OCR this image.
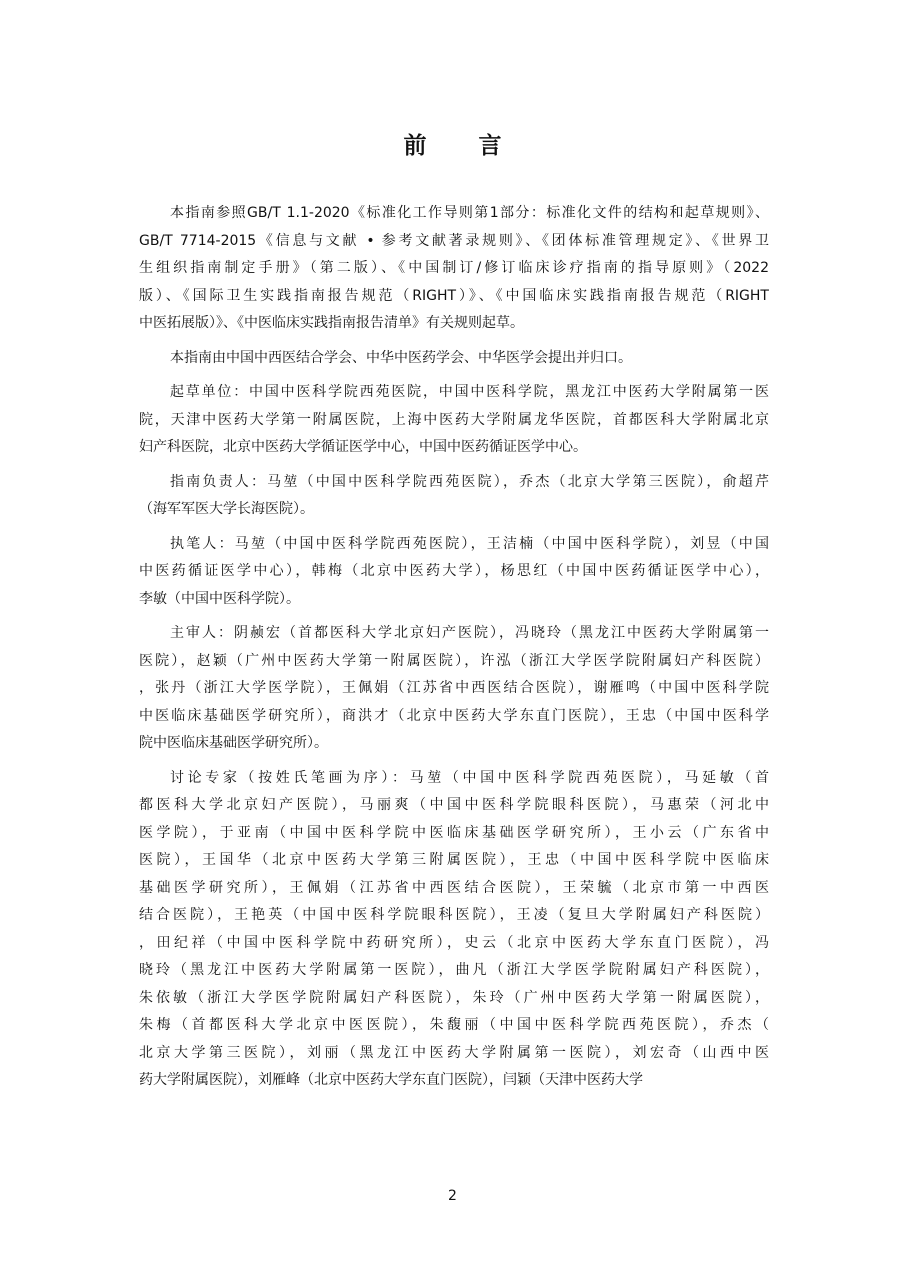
前 言
本指南参照GB/T 1.1-2020《标准化工作导则第1部分：标准化文件的结构和起草规则》、
GB/T 7714-2015《信息与文献 • 参考文献著录规则》、《团体标准管理规定》、《世界卫
生组织指南制定手册》（第二版）、《中国制订/修订临床诊疗指南的指导原则》（2022
版）、《国际卫生实践指南报告规范（RIGHT）》、《中国临床实践指南报告规范（RIGHT
中医拓展版）》、《中医临床实践指南报告清单》有关规则起草。
本指南由中国中西医结合学会、中华中医药学会、中华医学会提出并归口。
起草单位：中国中医科学院西苑医院，中国中医科学院，黑龙江中医药大学附属第一医
院，天津中医药大学第一附属医院，上海中医药大学附属龙华医院，首都医科大学附属北京
妇产科医院，北京中医药大学循证医学中心，中国中医药循证医学中心。
指南负责人：马堃（中国中医科学院西苑医院），乔杰（北京大学第三医院），俞超芹
（海军军医大学长海医院）。
执笔人：马堃（中国中医科学院西苑医院），王洁楠（中国中医科学院），刘昱（中国
中医药循证医学中心），韩梅（北京中医药大学），杨思红（中国中医药循证医学中心），
李敏（中国中医科学院）。
主审人：阴赪宏（首都医科大学北京妇产医院），冯晓玲（黑龙江中医药大学附属第一
医院），赵颖（广州中医药大学第一附属医院），许泓（浙江大学医学院附属妇产科医院）
，张丹（浙江大学医学院），王佩娟（江苏省中西医结合医院），谢雁鸣（中国中医科学院
中医临床基础医学研究所），商洪才（北京中医药大学东直门医院），王忠（中国中医科学
院中医临床基础医学研究所）。
讨论专家（按姓氏笔画为序）：马堃（中国中医科学院西苑医院），马延敏（首
都医科大学北京妇产医院），马丽爽（中国中医科学院眼科医院），马惠荣（河北中
医学院），于亚南（中国中医科学院中医临床基础医学研究所），王小云（广东省中
医院），王国华（北京中医药大学第三附属医院），王忠（中国中医科学院中医临床
基础医学研究所），王佩娟（江苏省中西医结合医院），王荣毓（北京市第一中西医
结合医院），王艳英（中国中医科学院眼科医院），王凌（复旦大学附属妇产科医院）
，田纪祥（中国中医科学院中药研究所），史云（北京中医药大学东直门医院），冯
晓玲（黑龙江中医药大学附属第一医院），曲凡（浙江大学医学院附属妇产科医院），
朱依敏（浙江大学医学院附属妇产科医院），朱玲（广州中医药大学第一附属医院），
朱梅（首都医科大学北京中医医院），朱馥丽（中国中医科学院西苑医院），乔杰（
北京大学第三医院），刘丽（黑龙江中医药大学附属第一医院），刘宏奇（山西中医
药大学附属医院），刘雁峰（北京中医药大学东直门医院），闫颖（天津中医药大学
2
